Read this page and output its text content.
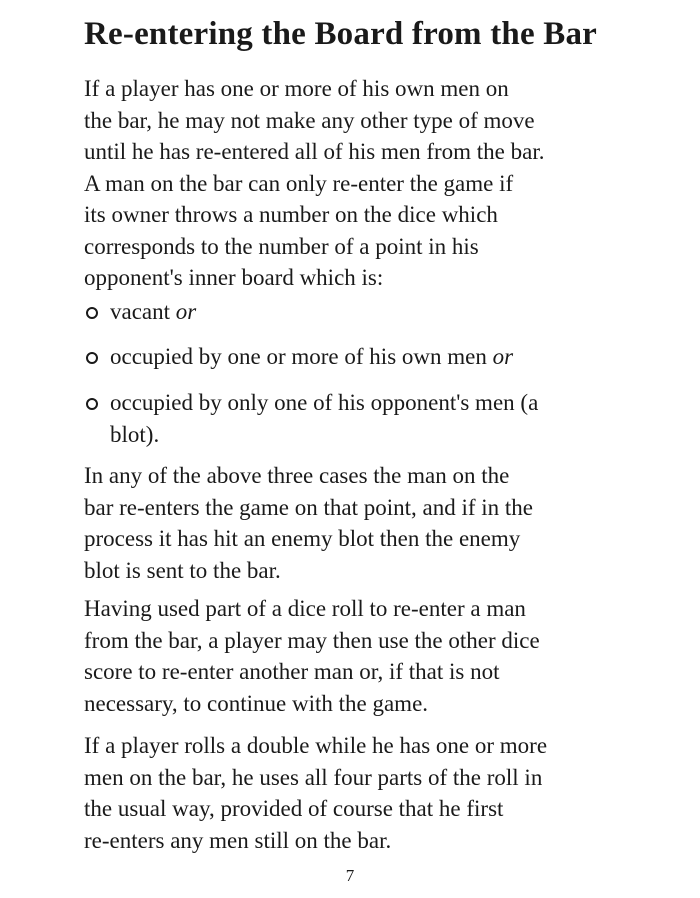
Re-entering the Board from the Bar

If a player has one or more of his own men on
the bar, he may not make any other type of move
until he has re-entered all of his men from the bar.
A man on the bar can only re-enter the game if
its owner throws a number on the dice which
corresponds to the number of a point in his
opponent's inner board which is:

vacant or
occupied by one or more of his own men or
occupied by only one of his opponent's men (a
blot).

In any of the above three cases the man on the
bar re-enters the game on that point, and if in the
process it has hit an enemy blot then the enemy
blot is sent to the bar.

Having used part of a dice roll to re-enter a man
from the bar, a player may then use the other dice
score to re-enter another man or, if that is not
necessary, to continue with the game.

If a player rolls a double while he has one or more
men on the bar, he uses all four parts of the roll in
the usual way, provided of course that he first
re-enters any men still on the bar.

7
